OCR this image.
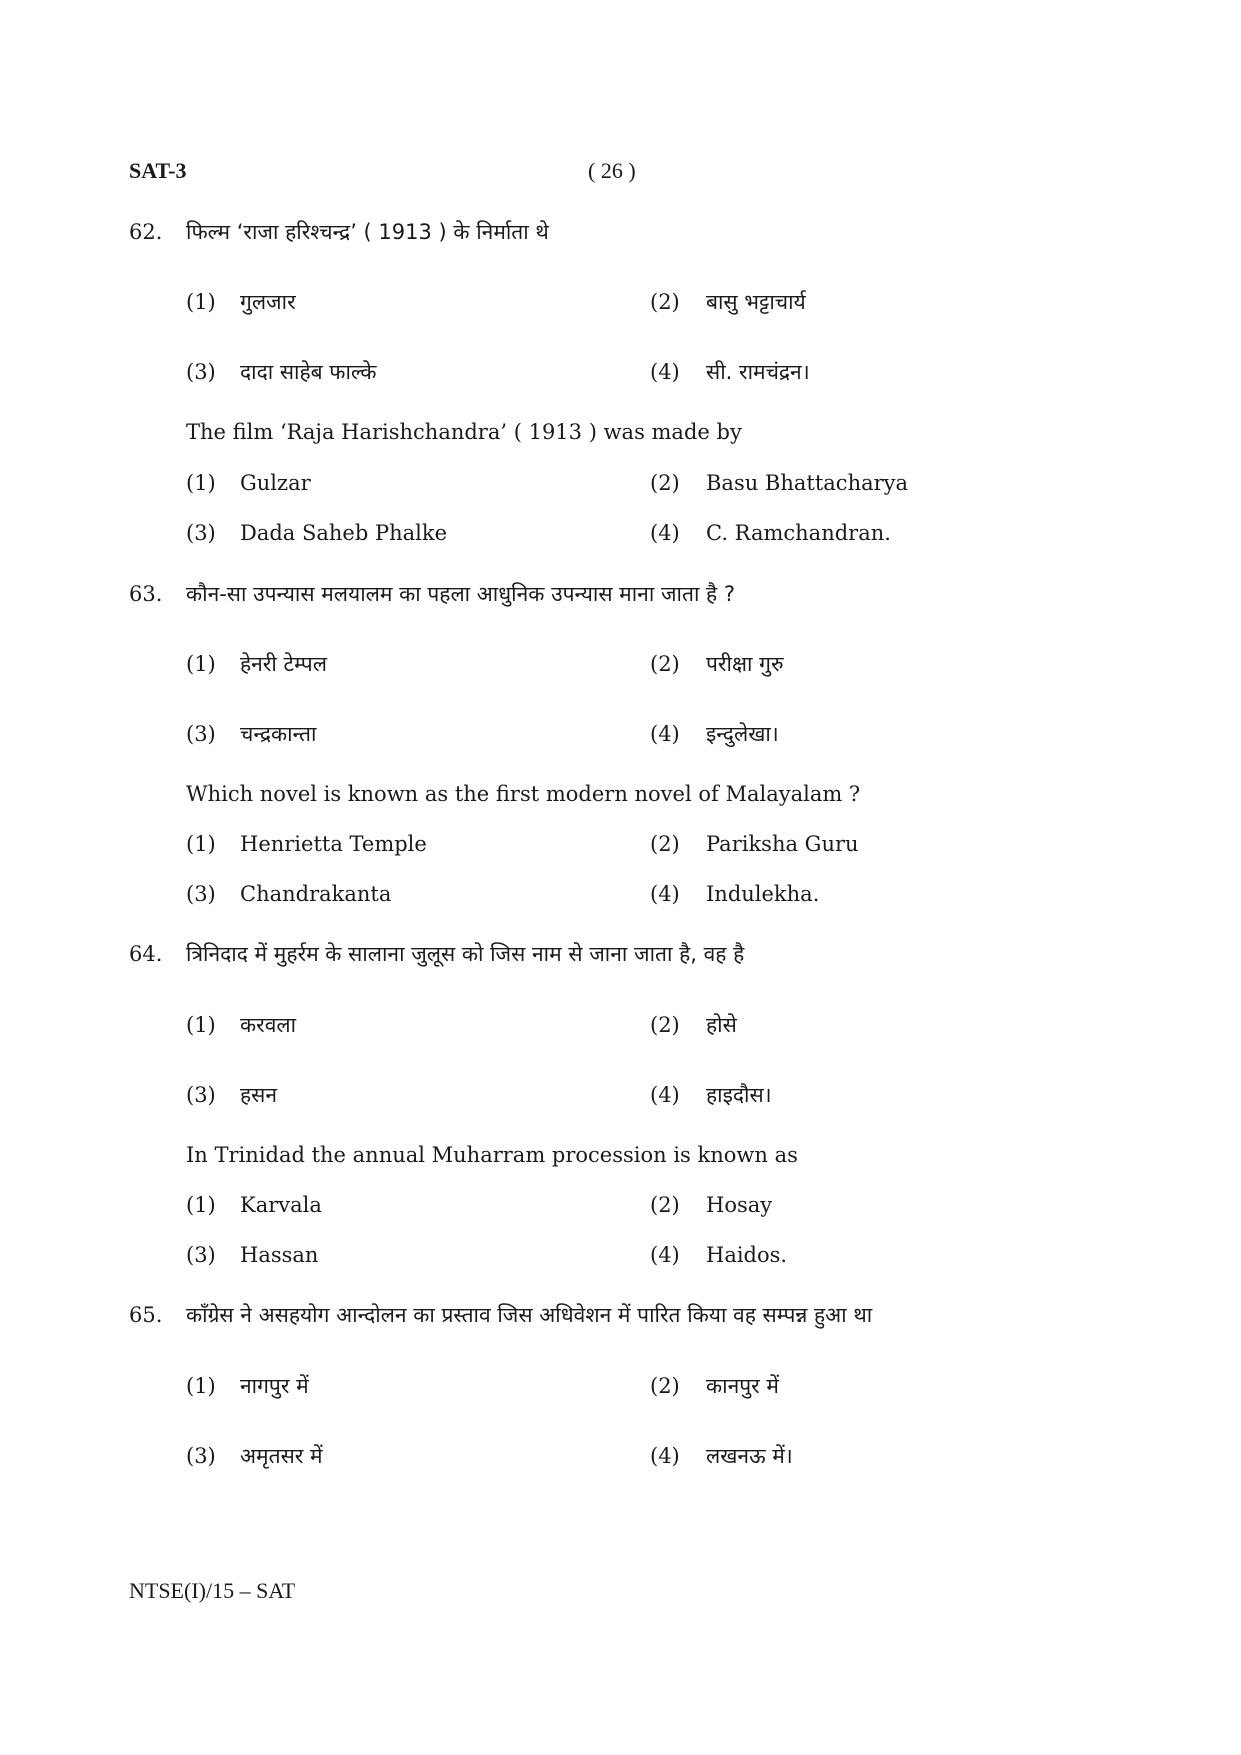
SAT-3	( 26 )
62. फिल्म ‘राजा हरिश्चन्द्र’ ( 1913 ) के निर्माता थे
(1) गुलजार	(2) बासु भट्टाचार्य
(3) दादा साहेब फाल्के	(4) सी. रामचंद्रन।
The film ‘Raja Harishchandra’ ( 1913 ) was made by
(1) Gulzar	(2) Basu Bhattacharya
(3) Dada Saheb Phalke	(4) C. Ramchandran.
63. कौन-सा उपन्यास मलयालम का पहला आधुनिक उपन्यास माना जाता है ?
(1) हेनरी टेम्पल	(2) परीक्षा गुरु
(3) चन्द्रकान्ता	(4) इन्दुलेखा।
Which novel is known as the first modern novel of Malayalam ?
(1) Henrietta Temple	(2) Pariksha Guru
(3) Chandrakanta	(4) Indulekha.
64. त्रिनिदाद में मुहर्रम के सालाना जुलूस को जिस नाम से जाना जाता है, वह है
(1) करवला	(2) होसे
(3) हसन	(4) हाइदौस।
In Trinidad the annual Muharram procession is known as
(1) Karvala	(2) Hosay
(3) Hassan	(4) Haidos.
65. काँग्रेस ने असहयोग आन्दोलन का प्रस्ताव जिस अधिवेशन में पारित किया वह सम्पन्न हुआ था
(1) नागपुर में	(2) कानपुर में
(3) अमृतसर में	(4) लखनऊ में।
NTSE(I)/15 – SAT
